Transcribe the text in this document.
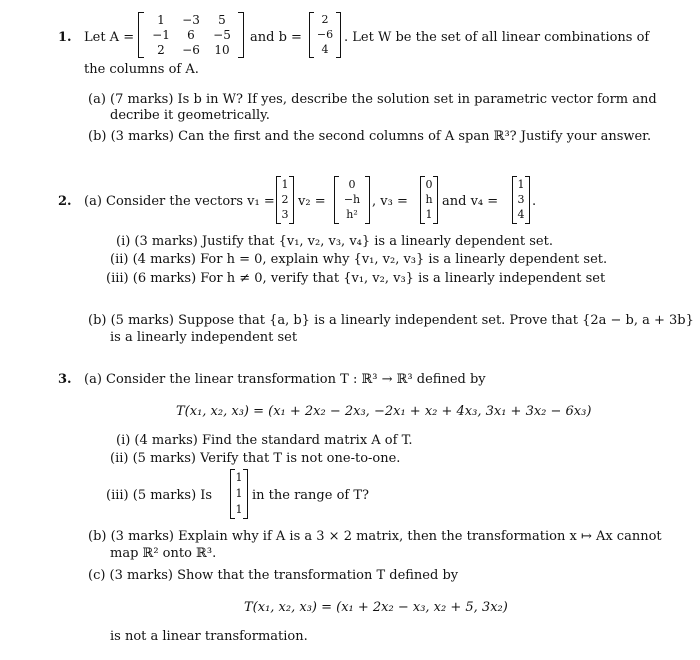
1. Let A =
1	−3	5
−1	6	−5
2	−6	10
and b =
2
−6
4
. Let W be the set of all linear combinations of
the columns of A.
(a) (7 marks) Is b in W? If yes, describe the solution set in parametric vector form and
decribe it geometrically.
(b) (3 marks) Can the first and the second columns of A span ℝ³? Justify your answer.
2. (a) Consider the vectors v₁ =
1
2
3
v₂ =
0
−h
h²
, v₃ =
0
h
1
and v₄ =
1
3
4
.
(i) (3 marks) Justify that {v₁, v₂, v₃, v₄} is a linearly dependent set.
(ii) (4 marks) For h = 0, explain why {v₁, v₂, v₃} is a linearly dependent set.
(iii) (6 marks) For h ≠ 0, verify that {v₁, v₂, v₃} is a linearly independent set
(b) (5 marks) Suppose that {a, b} is a linearly independent set. Prove that {2a − b, a + 3b}
is a linearly independent set
3. (a) Consider the linear transformation T : ℝ³ → ℝ³ defined by
T(x₁, x₂, x₃) = (x₁ + 2x₂ − 2x₃, −2x₁ + x₂ + 4x₃, 3x₁ + 3x₂ − 6x₃)
(i) (4 marks) Find the standard matrix A of T.
(ii) (5 marks) Verify that T is not one-to-one.
(iii) (5 marks) Is
1
1
1
in the range of T?
(b) (3 marks) Explain why if A is a 3 × 2 matrix, then the transformation x ↦ Ax cannot
map ℝ² onto ℝ³.
(c) (3 marks) Show that the transformation T defined by
T(x₁, x₂, x₃) = (x₁ + 2x₂ − x₃, x₂ + 5, 3x₂)
is not a linear transformation.
